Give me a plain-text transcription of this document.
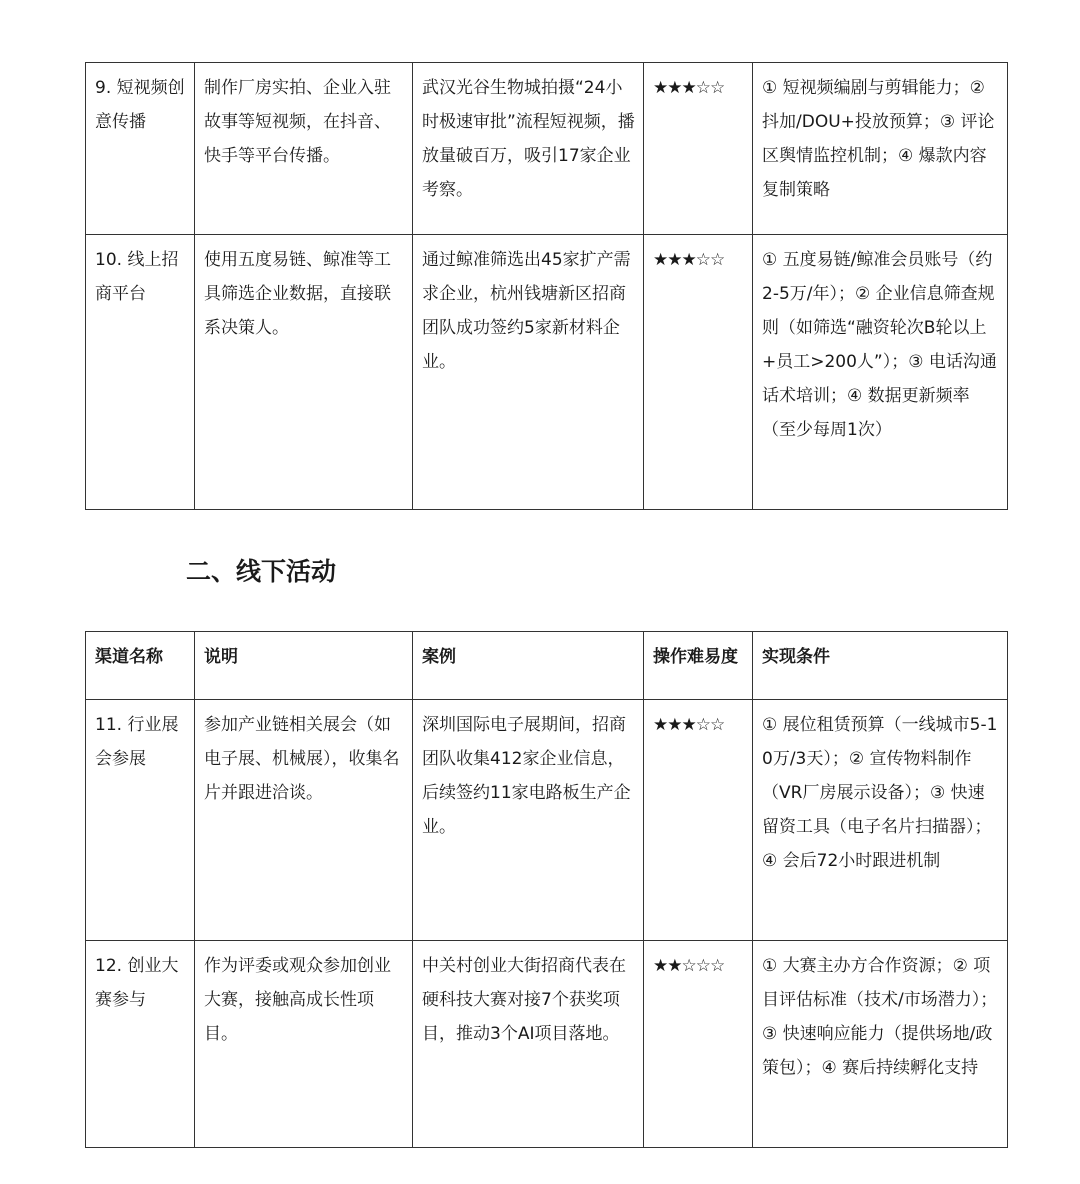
9. 短视频创意传播	制作厂房实拍、企业入驻故事等短视频，在抖音、快手等平台传播。	武汉光谷生物城拍摄“24小时极速审批”流程短视频，播放量破百万，吸引17家企业考察。	★★★☆☆	① 短视频编剧与剪辑能力；② 抖加/DOU+投放预算；③ 评论区舆情监控机制；④ 爆款内容复制策略
10. 线上招商平台	使用五度易链、鲸准等工具筛选企业数据，直接联系决策人。	通过鲸准筛选出45家扩产需求企业，杭州钱塘新区招商团队成功签约5家新材料企业。	★★★☆☆	① 五度易链/鲸准会员账号（约2-5万/年）；② 企业信息筛查规则（如筛选“融资轮次B轮以上+员工>200人”）；③ 电话沟通话术培训；④ 数据更新频率（至少每周1次）
二、线下活动
渠道名称	说明	案例	操作难易度	实现条件
11. 行业展会参展	参加产业链相关展会（如电子展、机械展），收集名片并跟进洽谈。	深圳国际电子展期间，招商团队收集412家企业信息，后续签约11家电路板生产企业。	★★★☆☆	① 展位租赁预算（一线城市5-10万/3天）；② 宣传物料制作（VR厂房展示设备）；③ 快速留资工具（电子名片扫描器）；④ 会后72小时跟进机制
12. 创业大赛参与	作为评委或观众参加创业大赛，接触高成长性项目。	中关村创业大街招商代表在硬科技大赛对接7个获奖项目，推动3个AI项目落地。	★★☆☆☆	① 大赛主办方合作资源；② 项目评估标准（技术/市场潜力）；③ 快速响应能力（提供场地/政策包）；④ 赛后持续孵化支持
